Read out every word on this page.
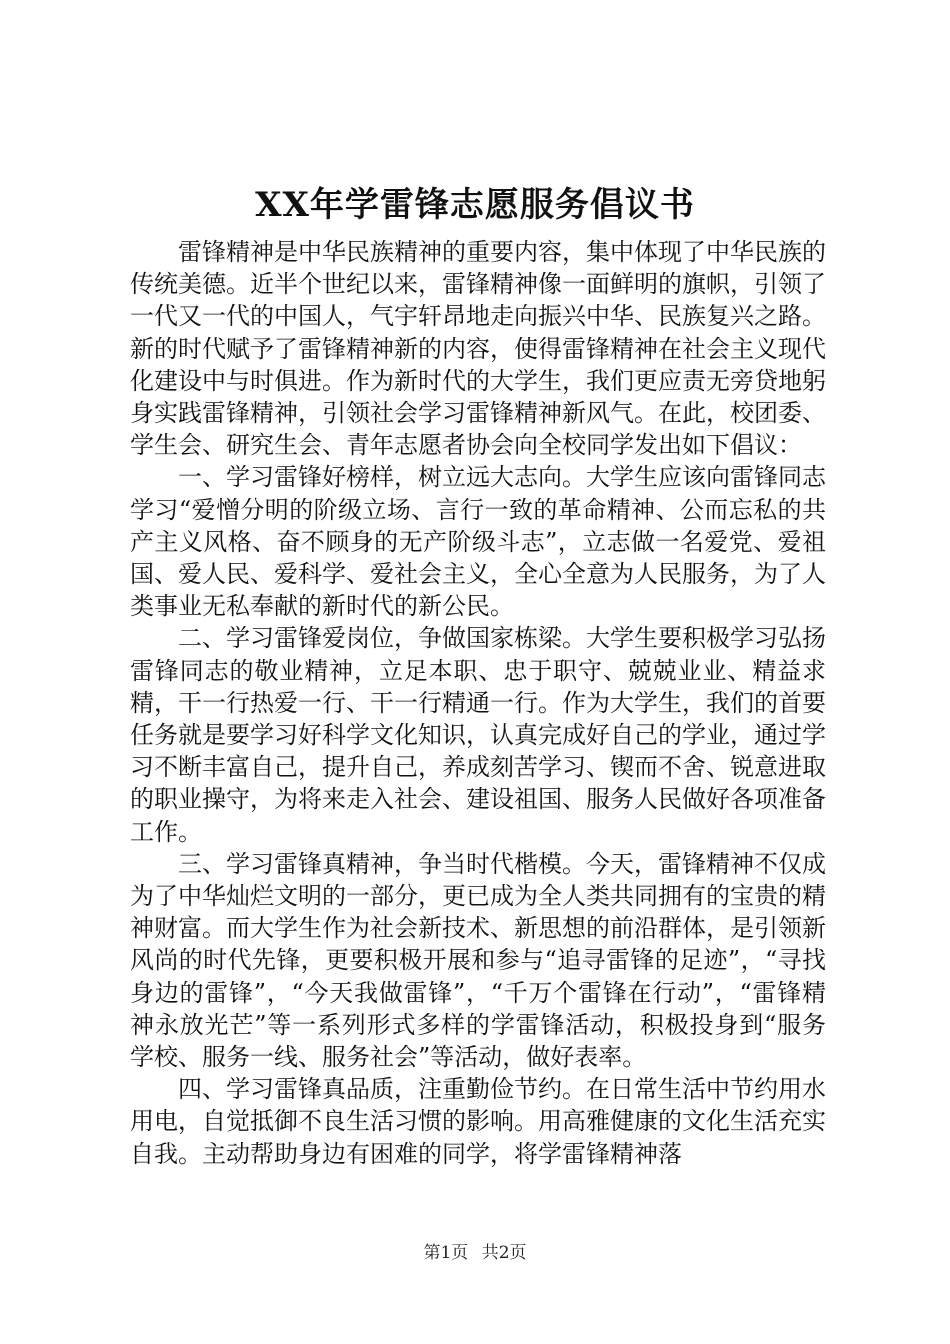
XX年学雷锋志愿服务倡议书

雷锋精神是中华民族精神的重要内容，集中体现了中华民族的传统美德。近半个世纪以来，雷锋精神像一面鲜明的旗帜，引领了一代又一代的中国人，气宇轩昂地走向振兴中华、民族复兴之路。新的时代赋予了雷锋精神新的内容，使得雷锋精神在社会主义现代化建设中与时俱进。作为新时代的大学生，我们更应责无旁贷地躬身实践雷锋精神，引领社会学习雷锋精神新风气。在此，校团委、学生会、研究生会、青年志愿者协会向全校同学发出如下倡议：

一、学习雷锋好榜样，树立远大志向。大学生应该向雷锋同志学习“爱憎分明的阶级立场、言行一致的革命精神、公而忘私的共产主义风格、奋不顾身的无产阶级斗志”，立志做一名爱党、爱祖国、爱人民、爱科学、爱社会主义，全心全意为人民服务，为了人类事业无私奉献的新时代的新公民。

二、学习雷锋爱岗位，争做国家栋梁。大学生要积极学习弘扬雷锋同志的敬业精神，立足本职、忠于职守、兢兢业业、精益求精，干一行热爱一行、干一行精通一行。作为大学生，我们的首要任务就是要学习好科学文化知识，认真完成好自己的学业，通过学习不断丰富自己，提升自己，养成刻苦学习、锲而不舍、锐意进取的职业操守，为将来走入社会、建设祖国、服务人民做好各项准备工作。

三、学习雷锋真精神，争当时代楷模。今天，雷锋精神不仅成为了中华灿烂文明的一部分，更已成为全人类共同拥有的宝贵的精神财富。而大学生作为社会新技术、新思想的前沿群体，是引领新风尚的时代先锋，更要积极开展和参与“追寻雷锋的足迹”，“寻找身边的雷锋”，“今天我做雷锋”，“千万个雷锋在行动”，“雷锋精神永放光芒”等一系列形式多样的学雷锋活动，积极投身到“服务学校、服务一线、服务社会”等活动，做好表率。

四、学习雷锋真品质，注重勤俭节约。在日常生活中节约用水用电，自觉抵御不良生活习惯的影响。用高雅健康的文化生活充实自我。主动帮助身边有困难的同学，将学雷锋精神落

第1页 共2页
